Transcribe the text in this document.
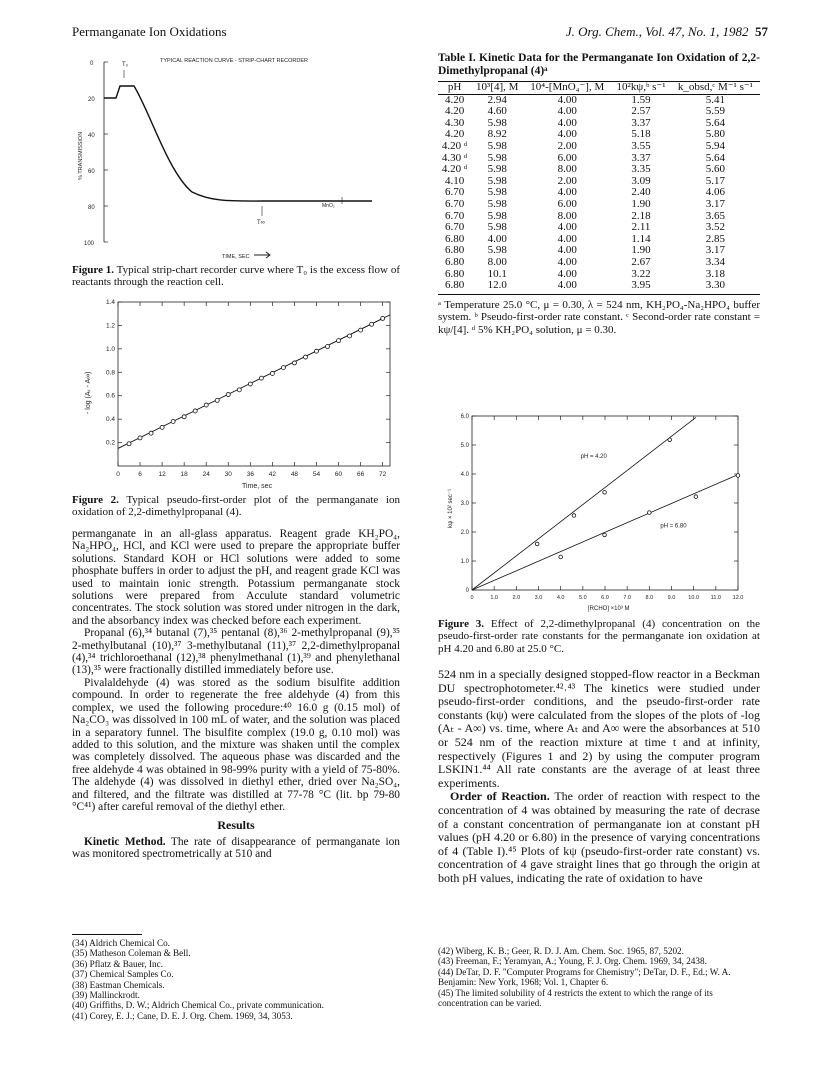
Permanganate Ion Oxidations	J. Org. Chem., Vol. 47, No. 1, 1982 57
TYPICAL REACTION CURVE - STRIP-CHART RECORDER
0
20
40
60
80
100
% TRANSMISSION
T₀
T∞
MnO₂
TIME, SEC
Figure 1. Typical strip-chart recorder curve where T₀ is the excess flow of reactants through the reaction cell.
- log (Aₜ - A∞)
Time, sec
0	6	12 18 24 30 36 42 48 54 60 66 72
0.2
0.4
0.6
0.8
1.0
1.2
1.4
Figure 2. Typical pseudo-first-order plot of the permanganate ion oxidation of 2,2-dimethylpropanal (4).

permanganate in an all-glass apparatus. Reagent grade KH₂PO₄, Na₂HPO₄, HCl, and KCl were used to prepare the appropriate buffer solutions. Standard KOH or HCl solutions were added to some phosphate buffers in order to adjust the pH, and reagent grade KCl was used to maintain ionic strength. Potassium permanganate stock solutions were prepared from Acculute standard volumetric concentrates. The stock solution was stored under nitrogen in the dark, and the absorbancy index was checked before each experiment.

Propanal (6),³⁴ butanal (7),³⁵ pentanal (8),³⁶ 2-methylpropanal (9),³⁵ 2-methylbutanal (10),³⁷ 3-methylbutanal (11),³⁷ 2,2-dimethylpropanal (4),³⁴ trichloroethanal (12),³⁸ phenylmethanal (1),³⁹ and phenylethanal (13),³⁵ were fractionally distilled immediately before use.

Pivalaldehyde (4) was stored as the sodium bisulfite addition compound. In order to regenerate the free aldehyde (4) from this complex, we used the following procedure:⁴⁰ 16.0 g (0.15 mol) of Na₂CO₃ was dissolved in 100 mL of water, and the solution was placed in a separatory funnel. The bisulfite complex (19.0 g, 0.10 mol) was added to this solution, and the mixture was shaken until the complex was completely dissolved. The aqueous phase was discarded and the free aldehyde 4 was obtained in 98-99% purity with a yield of 75-80%. The aldehyde (4) was dissolved in diethyl ether, dried over Na₂SO₄, and filtered, and the filtrate was distilled at 77-78 °C (lit. bp 79-80 °C⁴¹) after careful removal of the diethyl ether.

Results

Kinetic Method. The rate of disappearance of permanganate ion was monitored spectrometrically at 510 and

(34) Aldrich Chemical Co.
(35) Matheson Coleman & Bell.
(36) Pflatz & Bauer, Inc.
(37) Chemical Samples Co.
(38) Eastman Chemicals.
(39) Mallinckrodt.
(40) Griffiths, D. W.; Aldrich Chemical Co., private communication.
(41) Corey, E. J.; Cane, D. E. J. Org. Chem. 1969, 34, 3053.
Table I. Kinetic Data for the Permanganate Ion Oxidation of 2,2-Dimethylpropanal (4)ᵃ
pH	10³[4], M	10⁴-[MnO₄⁻], M	10²kψ,ᵇ s⁻¹	k_obsd,ᶜ M⁻¹ s⁻¹
4.20	2.94	4.00	1.59	5.41
4.20	4.60	4.00	2.57	5.59
4.30	5.98	4.00	3.37	5.64
4.20	8.92	4.00	5.18	5.80
4.20 ᵈ	5.98	2.00	3.55	5.94
4.30 ᵈ	5.98	6.00	3.37	5.64
4.20 ᵈ	5.98	8.00	3.35	5.60
4.10	5.98	2.00	3.09	5.17
6.70	5.98	4.00	2.40	4.06
6.70	5.98	6.00	1.90	3.17
6.70	5.98	8.00	2.18	3.65
6.70	5.98	4.00	2.11	3.52
6.80	4.00	4.00	1.14	2.85
6.80	5.98	4.00	1.90	3.17
6.80	8.00	4.00	2.67	3.34
6.80	10.1	4.00	3.22	3.18
6.80	12.0	4.00	3.95	3.30
ᵃ Temperature 25.0 °C, μ = 0.30, λ = 524 nm, KH₂PO₄-Na₂HPO₄ buffer system. ᵇ Pseudo-first-order rate constant. ᶜ Second-order rate constant = kψ/[4]. ᵈ 5% KH₂PO₄ solution, μ = 0.30.
kψ × 10² sec⁻¹
[RCHO] ×10³ M
0	1.0	2.0	3.0	4.0	5.0	6.0	7.0	8.0	9.0 10.0 11.0 12.0
0
1.0
2.0
3.0
4.0
5.0
6.0
pH = 4.20
pH = 6.80
Figure 3. Effect of 2,2-dimethylpropanal (4) concentration on the pseudo-first-order rate constants for the permanganate ion oxidation at pH 4.20 and 6.80 at 25.0 °C.

524 nm in a specially designed stopped-flow reactor in a Beckman DU spectrophotometer.⁴²˒⁴³ The kinetics were studied under pseudo-first-order conditions, and the pseudo-first-order rate constants (kψ) were calculated from the slopes of the plots of -log (Aₜ - A∞) vs. time, where Aₜ and A∞ were the absorbances at 510 or 524 nm of the reaction mixture at time t and at infinity, respectively (Figures 1 and 2) by using the computer program LSKIN1.⁴⁴ All rate constants are the average of at least three experiments.

Order of Reaction. The order of reaction with respect to the concentration of 4 was obtained by measuring the rate of decrase of a constant concentration of permanganate ion at constant pH values (pH 4.20 or 6.80) in the presence of varying concentrations of 4 (Table I).⁴⁵ Plots of kψ (pseudo-first-order rate constant) vs. concentration of 4 gave straight lines that go through the origin at both pH values, indicating the rate of oxidation to have

(42) Wiberg, K. B.; Geer, R. D. J. Am. Chem. Soc. 1965, 87, 5202.
(43) Freeman, F.; Yeramyan, A.; Young, F. J. Org. Chem. 1969, 34, 2438.
(44) DeTar, D. F. "Computer Programs for Chemistry"; DeTar, D. F., Ed.; W. A. Benjamin: New York, 1968; Vol. 1, Chapter 6.
(45) The limited solubility of 4 restricts the extent to which the range of its concentration can be varied.
